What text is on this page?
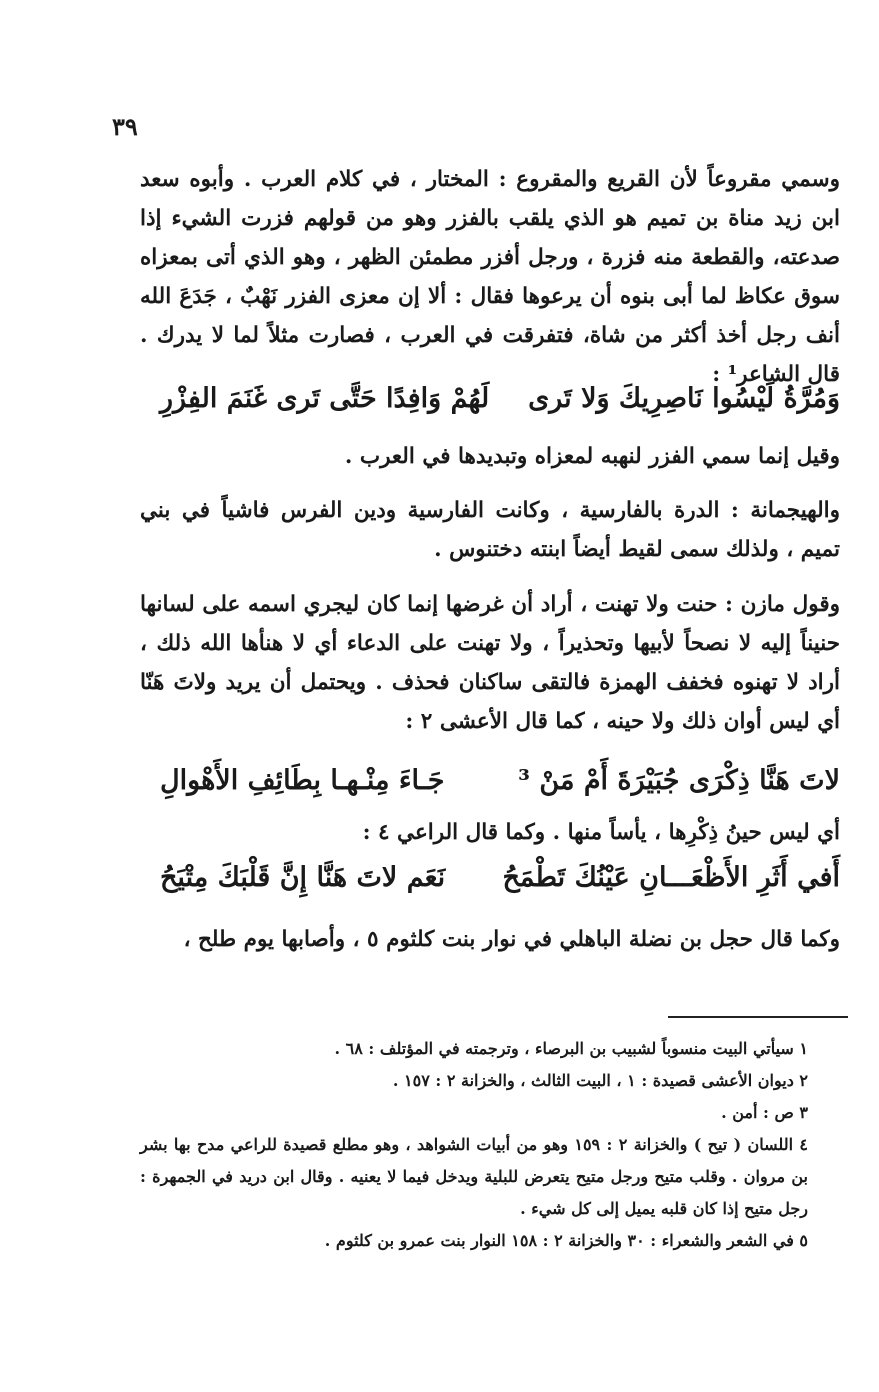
٣٩

وسمي مقروعاً لأن القريع والمقروع : المختار ، في كلام العرب . وأبوه سعد ابن زيد مناة بن تميم هو الذي يلقب بالفزر وهو من قولهم فزرت الشيء إذا صدعته، والقطعة منه فزرة ، ورجل أفزر مطمئن الظهر ، وهو الذي أتى بمعزاه سوق عكاظ لما أبى بنوه أن يرعوها فقال : ألا إن معزى الفزر نَهْبٌ ، جَدَعَ الله أنف رجل أخذ أكثر من شاة، فتفرقت في العرب ، فصارت مثلاً لما لا يدرك . قال الشاعر¹ :

وَمُرَّةُ لَيْسُوا نَاصِرِيكَ وَلا تَرى
لَهُمْ وَافِدًا حَتَّى تَرى غَنَمَ الفِزْرِ

وقيل إنما سمي الفزر لنهبه لمعزاه وتبديدها في العرب .

والهيجمانة : الدرة بالفارسية ، وكانت الفارسية ودين الفرس فاشياً في بني تميم ، ولذلك سمى لقيط أيضاً ابنته دختنوس .

وقول مازن : حنت ولا تهنت ، أراد أن غرضها إنما كان ليجري اسمه على لسانها حنيناً إليه لا نصحاً لأبيها وتحذيراً ، ولا تهنت على الدعاء أي لا هنأها الله ذلك ، أراد لا تهنوه فخفف الهمزة فالتقى ساكنان فحذف . ويحتمل أن يريد ولاتَ هَنّا أي ليس أوان ذلك ولا حينه ، كما قال الأعشى ٢ :

لاتَ هَنَّا ذِكْرَى جُبَيْرَةَ أَمْ مَنْ ³
جَـاءَ مِنْـهـا بِطَائِفِ الأَهْوالِ

أي ليس حينُ ذِكْرِها ، يأساً منها . وكما قال الراعي ٤ :

أَفي أَثَرِ الأَظْعَـــانِ عَيْنُكَ تَطْمَحُ
نَعَم لاتَ هَنَّا إِنَّ قَلْبَكَ مِتْيَحُ

وكما قال حجل بن نضلة الباهلي في نوار بنت كلثوم ٥ ، وأصابها يوم طلح ،

١ سيأتي البيت منسوباً لشبيب بن البرصاء ، وترجمته في المؤتلف : ٦٨ .
٢ ديوان الأعشى قصيدة : ١ ، البيت الثالث ، والخزانة ٢ : ١٥٧ .
٣ ص : أمن .
٤ اللسان ( تيح ) والخزانة ٢ : ١٥٩ وهو من أبيات الشواهد ، وهو مطلع قصيدة للراعي مدح بها بشر بن مروان . وقلب متيح ورجل متيح يتعرض للبلية ويدخل فيما لا يعنيه . وقال ابن دريد في الجمهرة : رجل متيح إذا كان قلبه يميل إلى كل شيء .
٥ في الشعر والشعراء : ٣٠ والخزانة ٢ : ١٥٨ النوار بنت عمرو بن كلثوم .
